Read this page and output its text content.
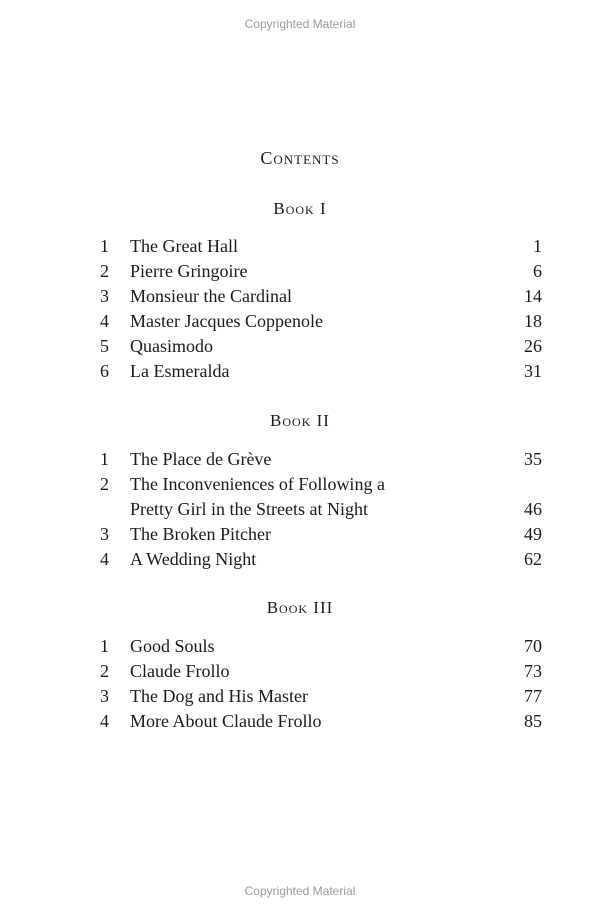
Copyrighted Material
Contents
Book I
1	The Great Hall	1
2	Pierre Gringoire	6
3	Monsieur the Cardinal	14
4	Master Jacques Coppenole	18
5	Quasimodo	26
6	La Esmeralda	31
Book II
1	The Place de Grève	35
2	The Inconveniences of Following a
Pretty Girl in the Streets at Night	46
3	The Broken Pitcher	49
4	A Wedding Night	62
Book III
1	Good Souls	70
2	Claude Frollo	73
3	The Dog and His Master	77
4	More About Claude Frollo	85
Copyrighted Material
